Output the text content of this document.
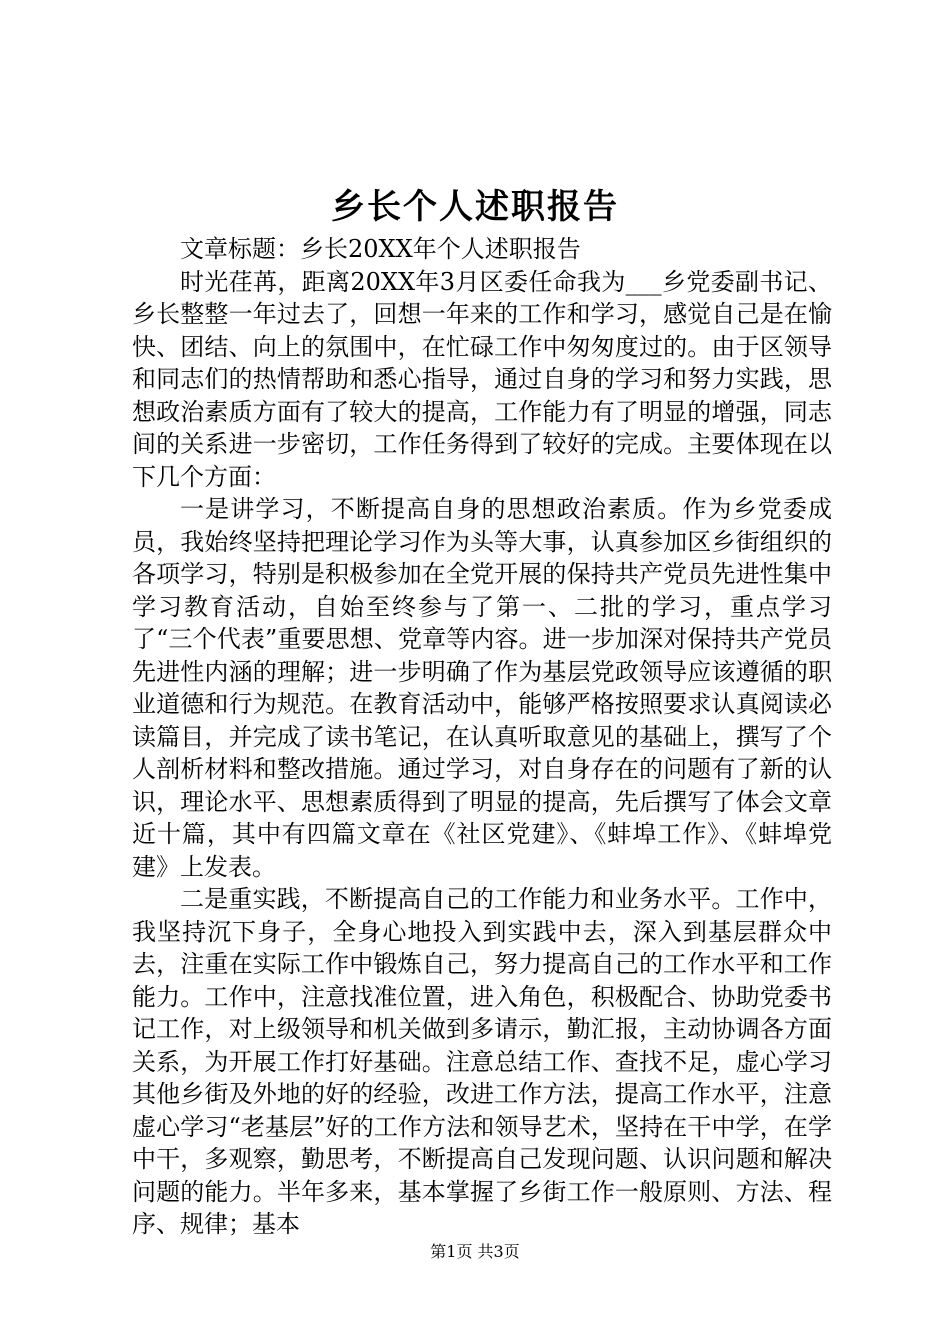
乡长个人述职报告

文章标题：乡长20XX年个人述职报告

时光荏苒，距离20XX年3月区委任命我为___乡党委副书记、乡长整整一年过去了，回想一年来的工作和学习，感觉自己是在愉快、团结、向上的氛围中，在忙碌工作中匆匆度过的。由于区领导和同志们的热情帮助和悉心指导，通过自身的学习和努力实践，思想政治素质方面有了较大的提高，工作能力有了明显的增强，同志间的关系进一步密切，工作任务得到了较好的完成。主要体现在以下几个方面：

一是讲学习，不断提高自身的思想政治素质。作为乡党委成员，我始终坚持把理论学习作为头等大事，认真参加区乡街组织的各项学习，特别是积极参加在全党开展的保持共产党员先进性集中学习教育活动，自始至终参与了第一、二批的学习，重点学习了“三个代表”重要思想、党章等内容。进一步加深对保持共产党员先进性内涵的理解；进一步明确了作为基层党政领导应该遵循的职业道德和行为规范。在教育活动中，能够严格按照要求认真阅读必读篇目，并完成了读书笔记，在认真听取意见的基础上，撰写了个人剖析材料和整改措施。通过学习，对自身存在的问题有了新的认识，理论水平、思想素质得到了明显的提高，先后撰写了体会文章近十篇，其中有四篇文章在《社区党建》、《蚌埠工作》、《蚌埠党建》上发表。

二是重实践，不断提高自己的工作能力和业务水平。工作中，我坚持沉下身子，全身心地投入到实践中去，深入到基层群众中去，注重在实际工作中锻炼自己，努力提高自己的工作水平和工作能力。工作中，注意找准位置，进入角色，积极配合、协助党委书记工作，对上级领导和机关做到多请示，勤汇报，主动协调各方面关系，为开展工作打好基础。注意总结工作、查找不足，虚心学习其他乡街及外地的好的经验，改进工作方法，提高工作水平，注意虚心学习“老基层”好的工作方法和领导艺术，坚持在干中学，在学中干，多观察，勤思考，不断提高自己发现问题、认识问题和解决问题的能力。半年多来，基本掌握了乡街工作一般原则、方法、程序、规律；基本

第1页 共3页
